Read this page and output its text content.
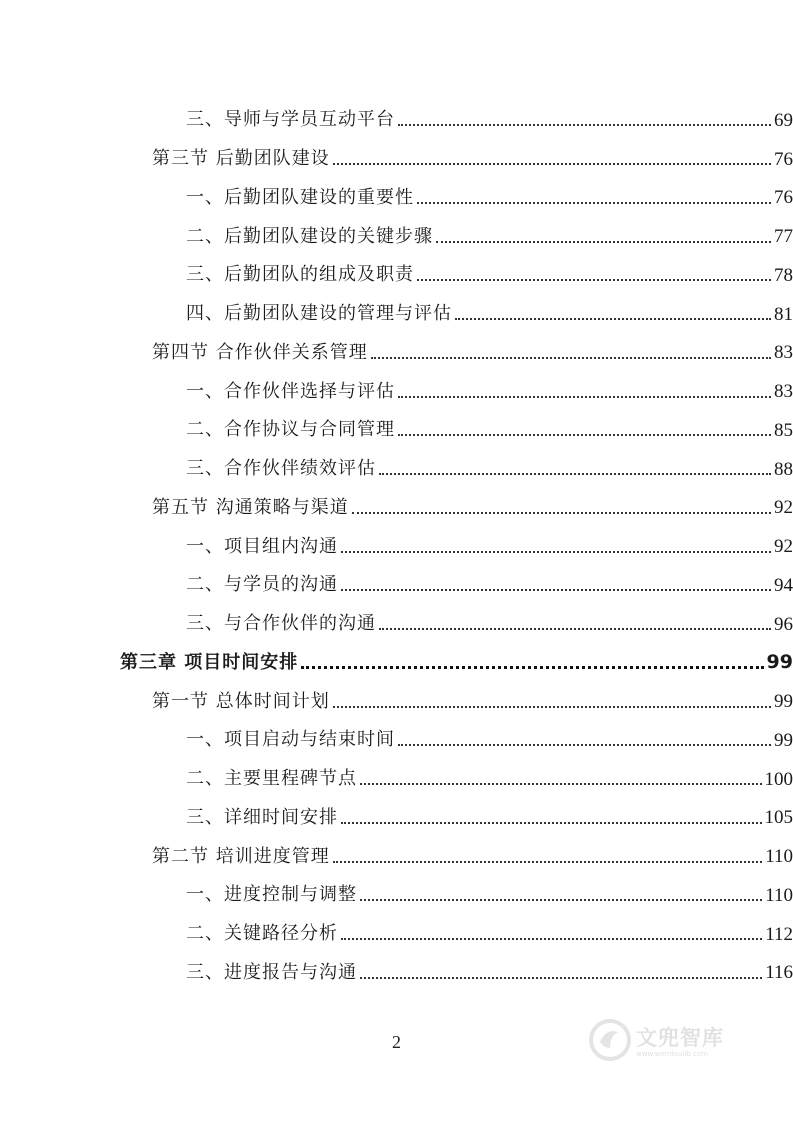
三、导师与学员互动平台	69
第三节 后勤团队建设	76
一、后勤团队建设的重要性	76
二、后勤团队建设的关键步骤	77
三、后勤团队的组成及职责	78
四、后勤团队建设的管理与评估	81
第四节 合作伙伴关系管理	83
一、合作伙伴选择与评估	83
二、合作协议与合同管理	85
三、合作伙伴绩效评估	88
第五节 沟通策略与渠道	92
一、项目组内沟通	92
二、与学员的沟通	94
三、与合作伙伴的沟通	96
第三章 项目时间安排	99
第一节 总体时间计划	99
一、项目启动与结束时间	99
二、主要里程碑节点	100
三、详细时间安排	105
第二节 培训进度管理	110
一、进度控制与调整	110
二、关键路径分析	112
三、进度报告与沟通	116
2	文兜智库
www.wendoulib.com
